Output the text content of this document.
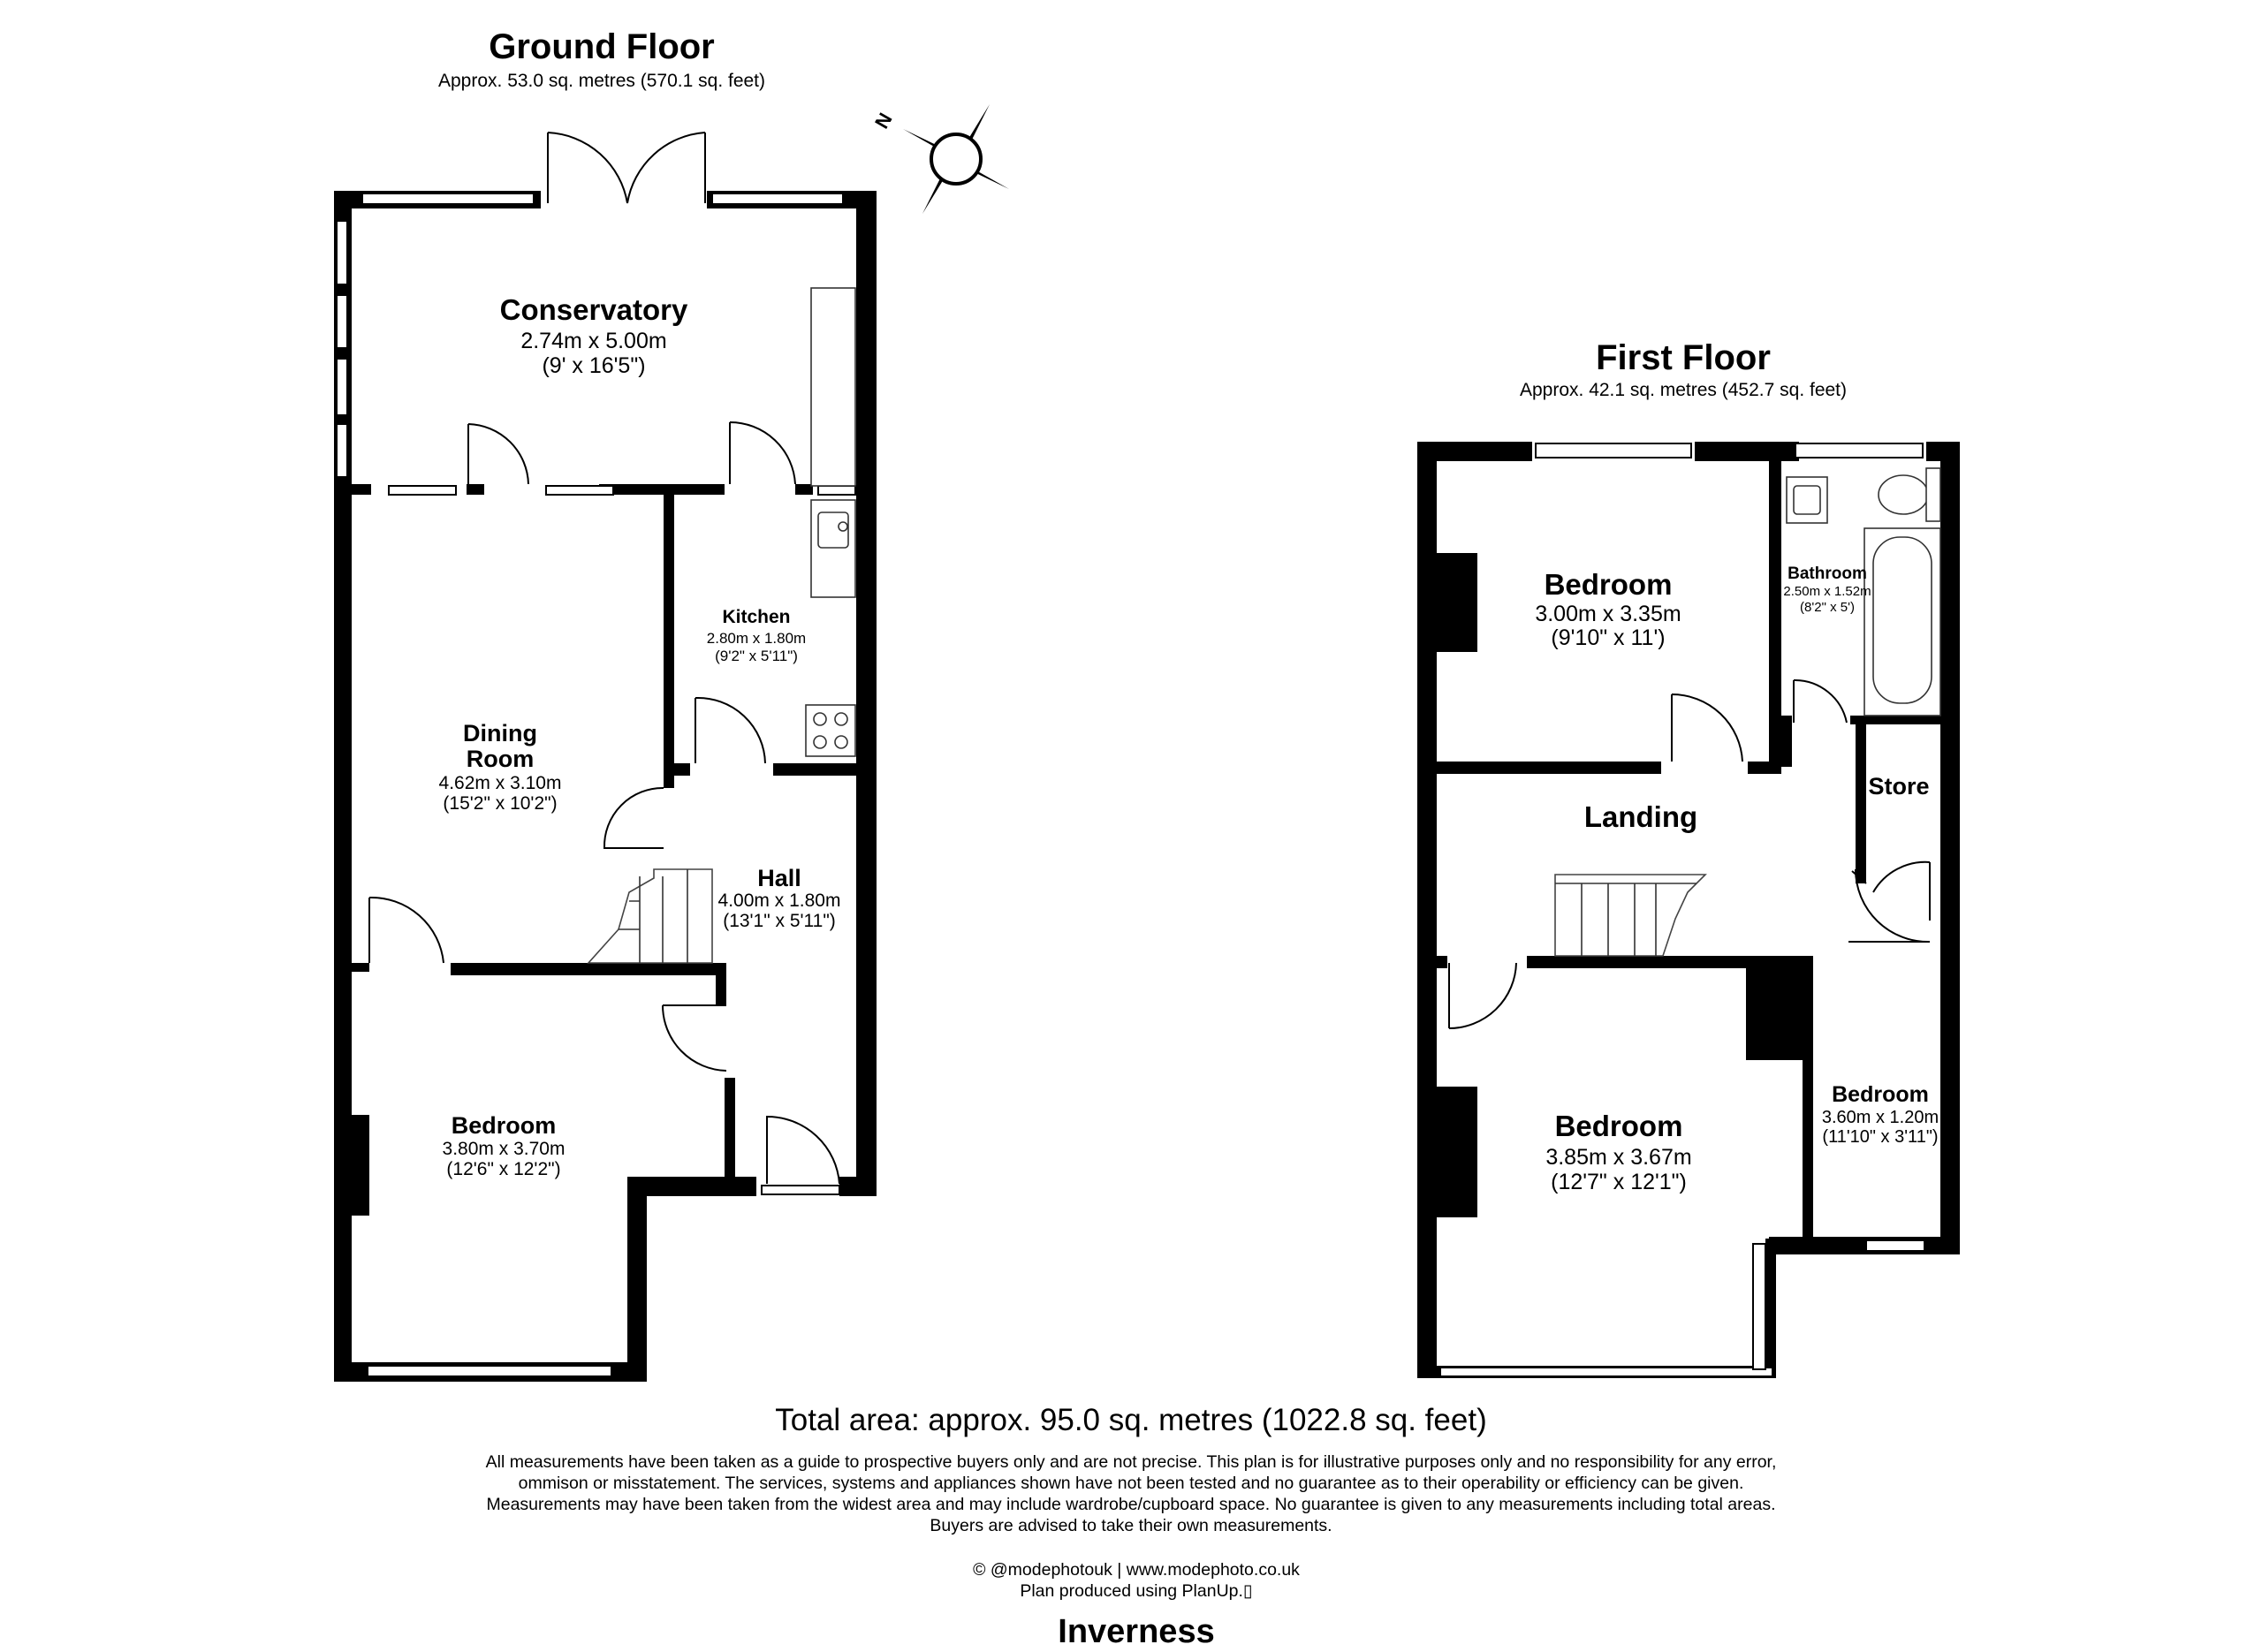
Ground Floor
Approx. 53.0 sq. metres (570.1 sq. feet)
Conservatory
2.74m x 5.00m
(9' x 16'5")
Kitchen
2.80m x 1.80m
(9'2" x 5'11")
Dining
Room
4.62m x 3.10m
(15'2" x 10'2")
Hall
4.00m x 1.80m
(13'1" x 5'11")
Bedroom
3.80m x 3.70m
(12'6" x 12'2")
N
First Floor
Approx. 42.1 sq. metres (452.7 sq. feet)
Bedroom
3.00m x 3.35m
(9'10" x 11')
Bathroom
2.50m x 1.52m
(8'2" x 5')
Landing
Store
Bedroom
3.85m x 3.67m
(12'7" x 12'1")
Bedroom
3.60m x 1.20m
(11'10" x 3'11")
Total area: approx. 95.0 sq. metres (1022.8 sq. feet)
All measurements have been taken as a guide to prospective buyers only and are not precise. This plan is for illustrative purposes only and no responsibility for any error,
ommison or misstatement. The services, systems and appliances shown have not been tested and no guarantee as to their operability or efficiency can be given.
Measurements may have been taken from the widest area and may include wardrobe/cupboard space. No guarantee is given to any measurements including total areas.
Buyers are advised to take their own measurements.
© @modephotouk | www.modephoto.co.uk
Plan produced using PlanUp.▯
Inverness
